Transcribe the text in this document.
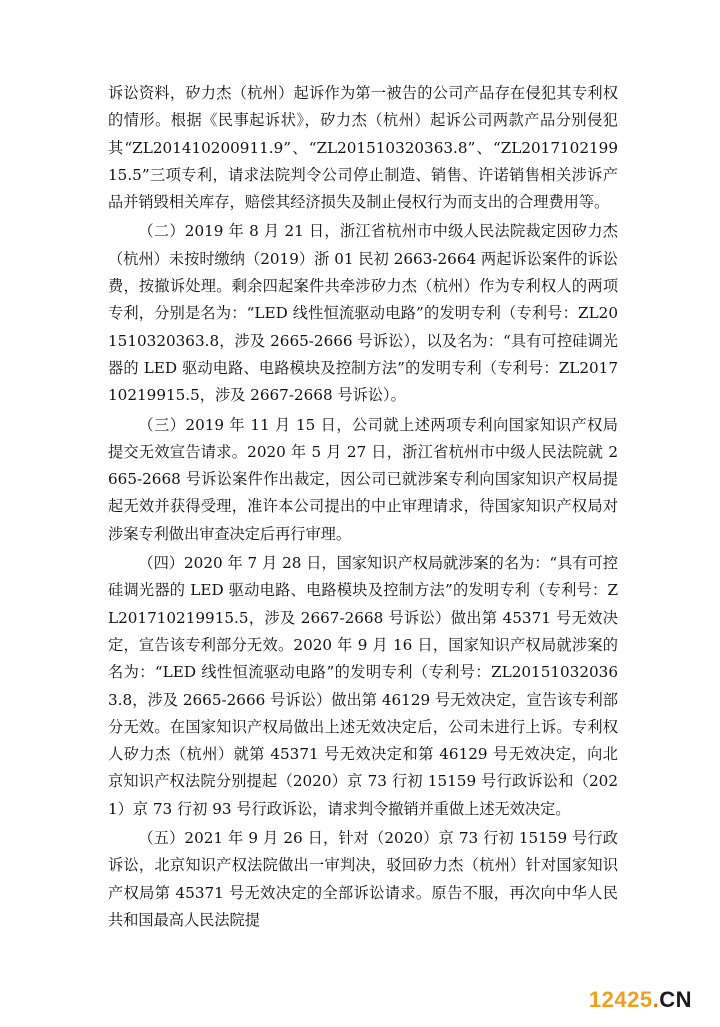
诉讼资料，矽力杰（杭州）起诉作为第一被告的公司产品存在侵犯其专利权的情形。根据《民事起诉状》，矽力杰（杭州）起诉公司两款产品分别侵犯其“ZL201410200911.9”、“ZL201510320363.8”、“ZL201710219915.5”三项专利，请求法院判令公司停止制造、销售、许诺销售相关涉诉产品并销毁相关库存，赔偿其经济损失及制止侵权行为而支出的合理费用等。

（二）2019 年 8 月 21 日，浙江省杭州市中级人民法院裁定因矽力杰（杭州）未按时缴纳（2019）浙 01 民初 2663-2664 两起诉讼案件的诉讼费，按撤诉处理。剩余四起案件共牵涉矽力杰（杭州）作为专利权人的两项专利，分别是名为：“LED 线性恒流驱动电路”的发明专利（专利号：ZL201510320363.8，涉及 2665-2666 号诉讼），以及名为：“具有可控硅调光器的 LED 驱动电路、电路模块及控制方法”的发明专利（专利号：ZL201710219915.5，涉及 2667-2668 号诉讼）。

（三）2019 年 11 月 15 日，公司就上述两项专利向国家知识产权局提交无效宣告请求。2020 年 5 月 27 日，浙江省杭州市中级人民法院就 2665-2668 号诉讼案件作出裁定，因公司已就涉案专利向国家知识产权局提起无效并获得受理，准许本公司提出的中止审理请求，待国家知识产权局对涉案专利做出审查决定后再行审理。

（四）2020 年 7 月 28 日，国家知识产权局就涉案的名为：“具有可控硅调光器的 LED 驱动电路、电路模块及控制方法”的发明专利（专利号：ZL201710219915.5，涉及 2667-2668 号诉讼）做出第 45371 号无效决定，宣告该专利部分无效。2020 年 9 月 16 日，国家知识产权局就涉案的名为：“LED 线性恒流驱动电路”的发明专利（专利号：ZL201510320363.8，涉及 2665-2666 号诉讼）做出第 46129 号无效决定，宣告该专利部分无效。在国家知识产权局做出上述无效决定后，公司未进行上诉。专利权人矽力杰（杭州）就第 45371 号无效决定和第 46129 号无效决定，向北京知识产权法院分别提起（2020）京 73 行初 15159 号行政诉讼和（2021）京 73 行初 93 号行政诉讼，请求判令撤销并重做上述无效决定。

（五）2021 年 9 月 26 日，针对（2020）京 73 行初 15159 号行政诉讼，北京知识产权法院做出一审判决，驳回矽力杰（杭州）针对国家知识产权局第 45371 号无效决定的全部诉讼请求。原告不服，再次向中华人民共和国最高人民法院提

12425.CN
